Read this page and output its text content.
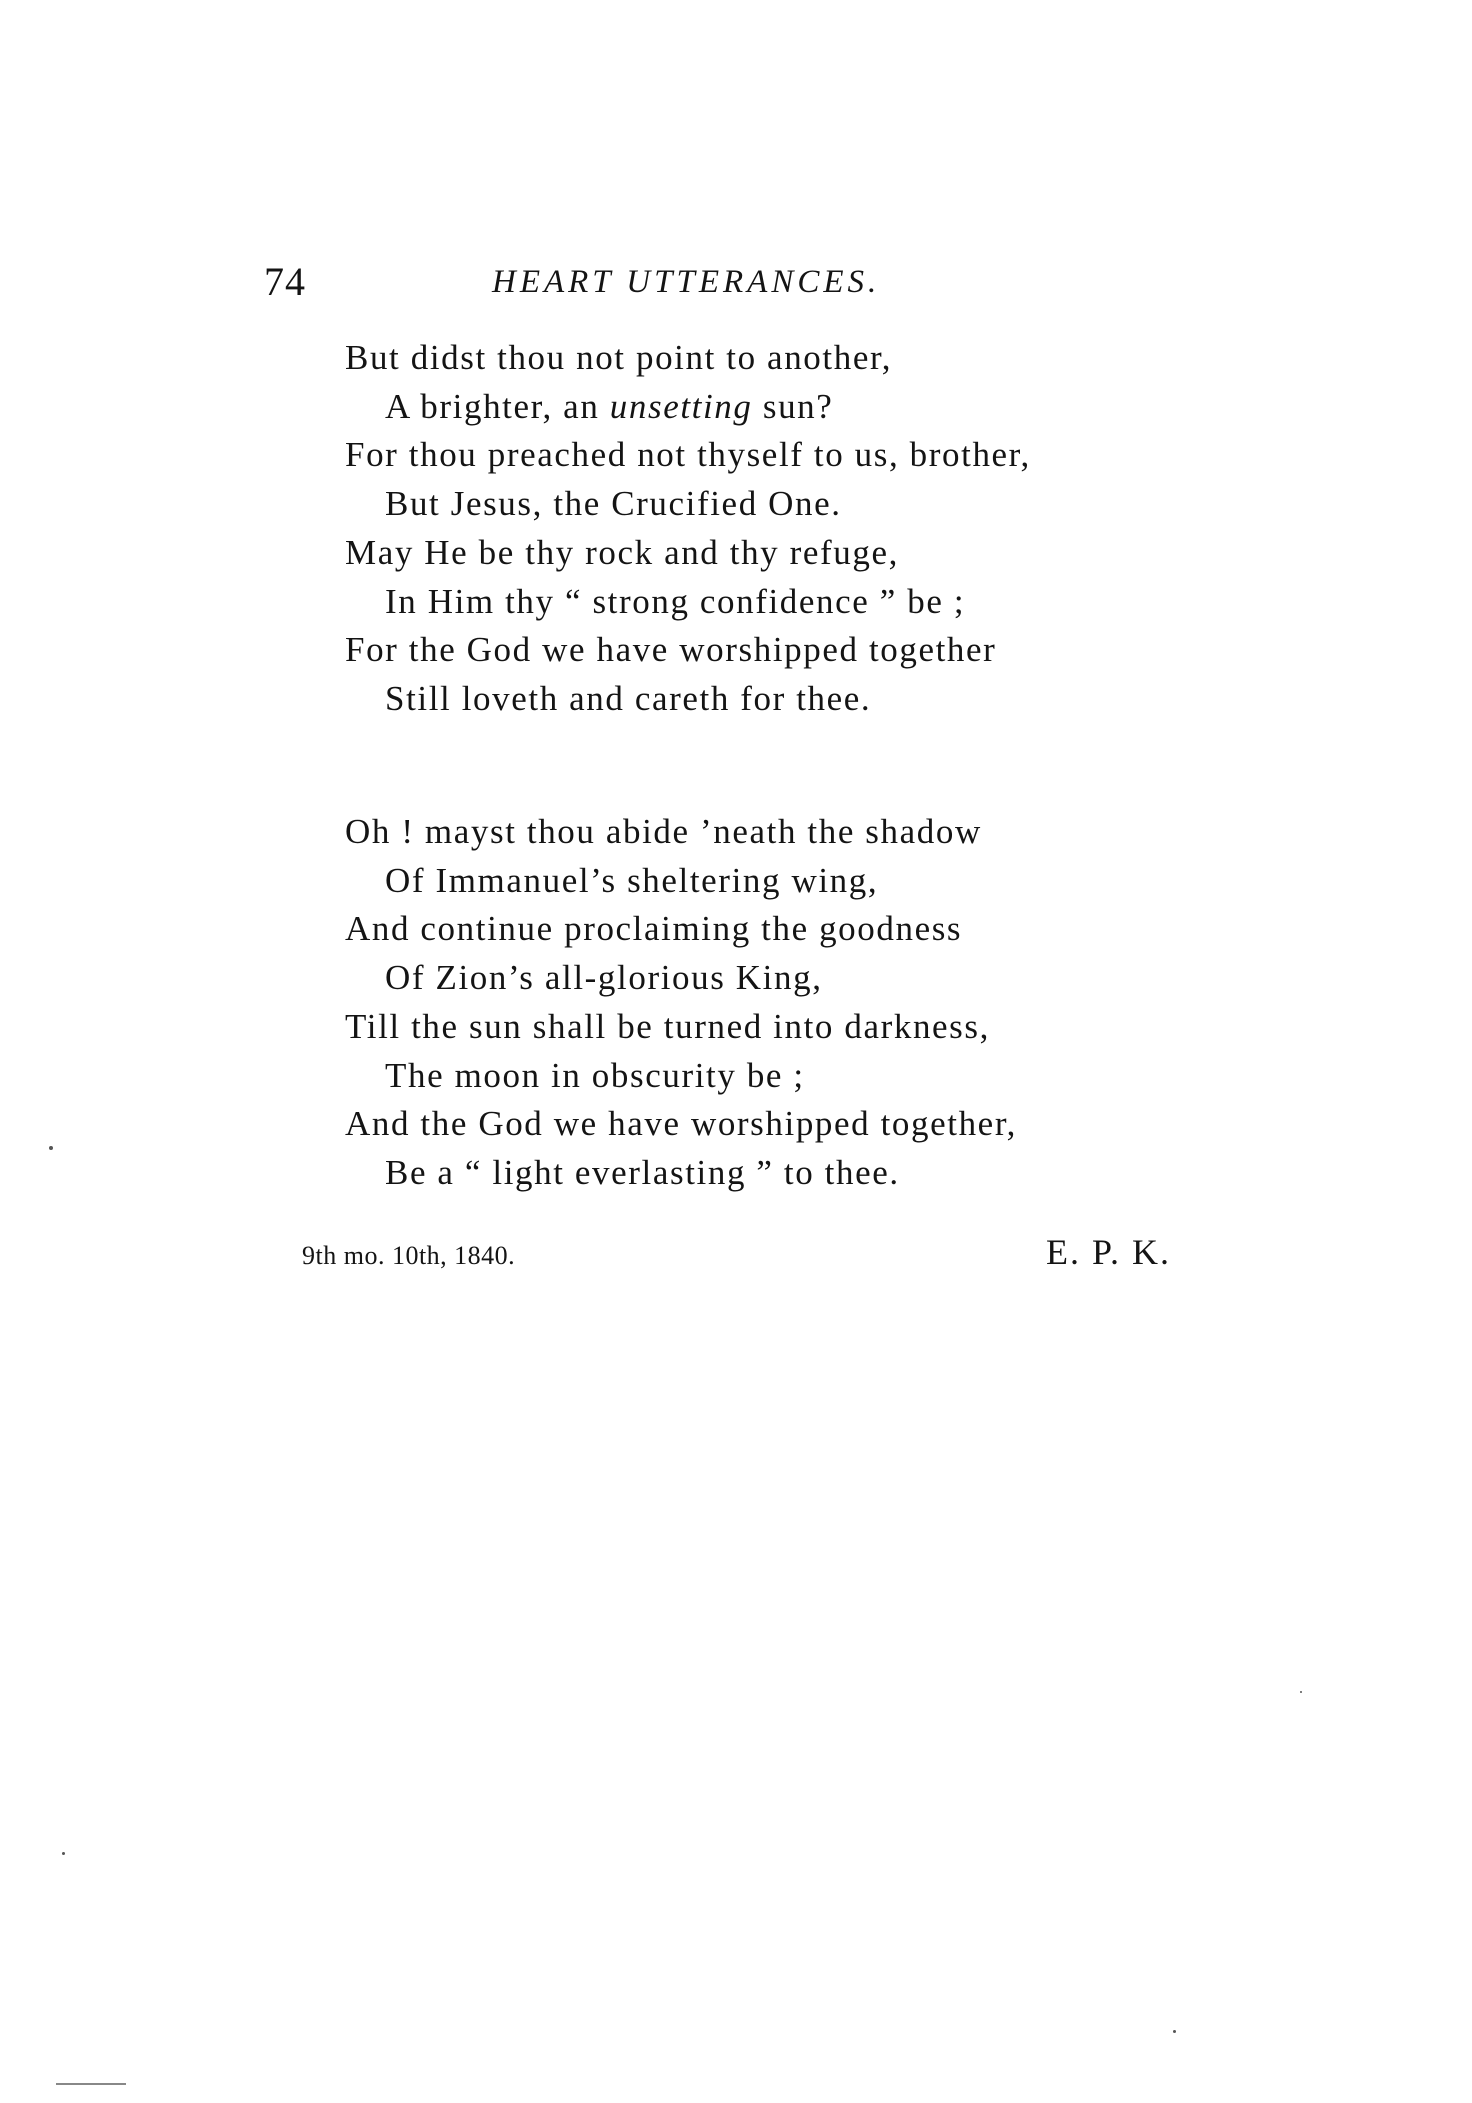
74	HEART UTTERANCES.
But didst thou not point to another,
A brighter, an unsetting sun?
For thou preached not thyself to us, brother,
But Jesus, the Crucified One.
May He be thy rock and thy refuge,
In Him thy “ strong confidence ” be ;
For the God we have worshipped together
Still loveth and careth for thee.
Oh ! mayst thou abide ’neath the shadow
Of Immanuel’s sheltering wing,
And continue proclaiming the goodness
Of Zion’s all-glorious King,
Till the sun shall be turned into darkness,
The moon in obscurity be ;
And the God we have worshipped together,
Be a “ light everlasting ” to thee.
9th mo. 10th, 1840.	E. P. K.
